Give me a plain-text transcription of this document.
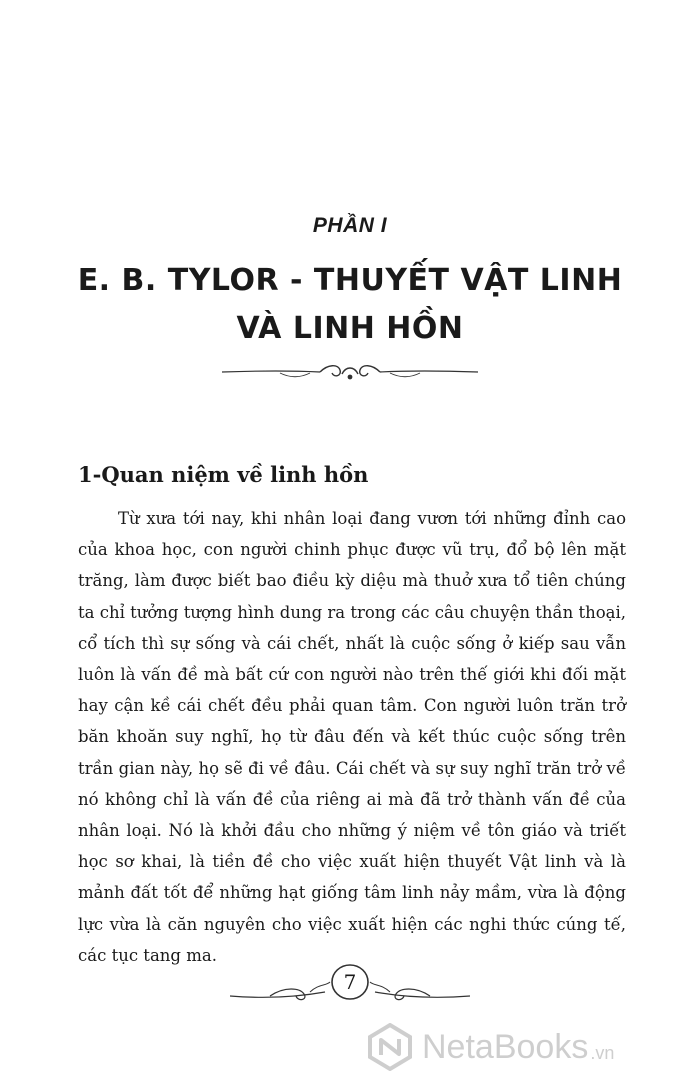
PHẦN I
E. B. TYLOR - THUYẾT VẬT LINH
VÀ LINH HỒN
1-Quan niệm về linh hồn

Từ xưa tới nay, khi nhân loại đang vươn tới những đỉnh cao của khoa học, con người chinh phục được vũ trụ, đổ bộ lên mặt trăng, làm được biết bao điều kỳ diệu mà thuở xưa tổ tiên chúng ta chỉ tưởng tượng hình dung ra trong các câu chuyện thần thoại, cổ tích thì sự sống và cái chết, nhất là cuộc sống ở kiếp sau vẫn luôn là vấn đề mà bất cứ con người nào trên thế giới khi đối mặt hay cận kề cái chết đều phải quan tâm. Con người luôn trăn trở băn khoăn suy nghĩ, họ từ đâu đến và kết thúc cuộc sống trên trần gian này, họ sẽ đi về đâu. Cái chết và sự suy nghĩ trăn trở về nó không chỉ là vấn đề của riêng ai mà đã trở thành vấn đề của nhân loại. Nó là khởi đầu cho những ý niệm về tôn giáo và triết học sơ khai, là tiền đề cho việc xuất hiện thuyết Vật linh và là mảnh đất tốt để những hạt giống tâm linh nảy mầm, vừa là động lực vừa là căn nguyên cho việc xuất hiện các nghi thức cúng tế, các tục tang ma.

7
NetaBooks .vn
